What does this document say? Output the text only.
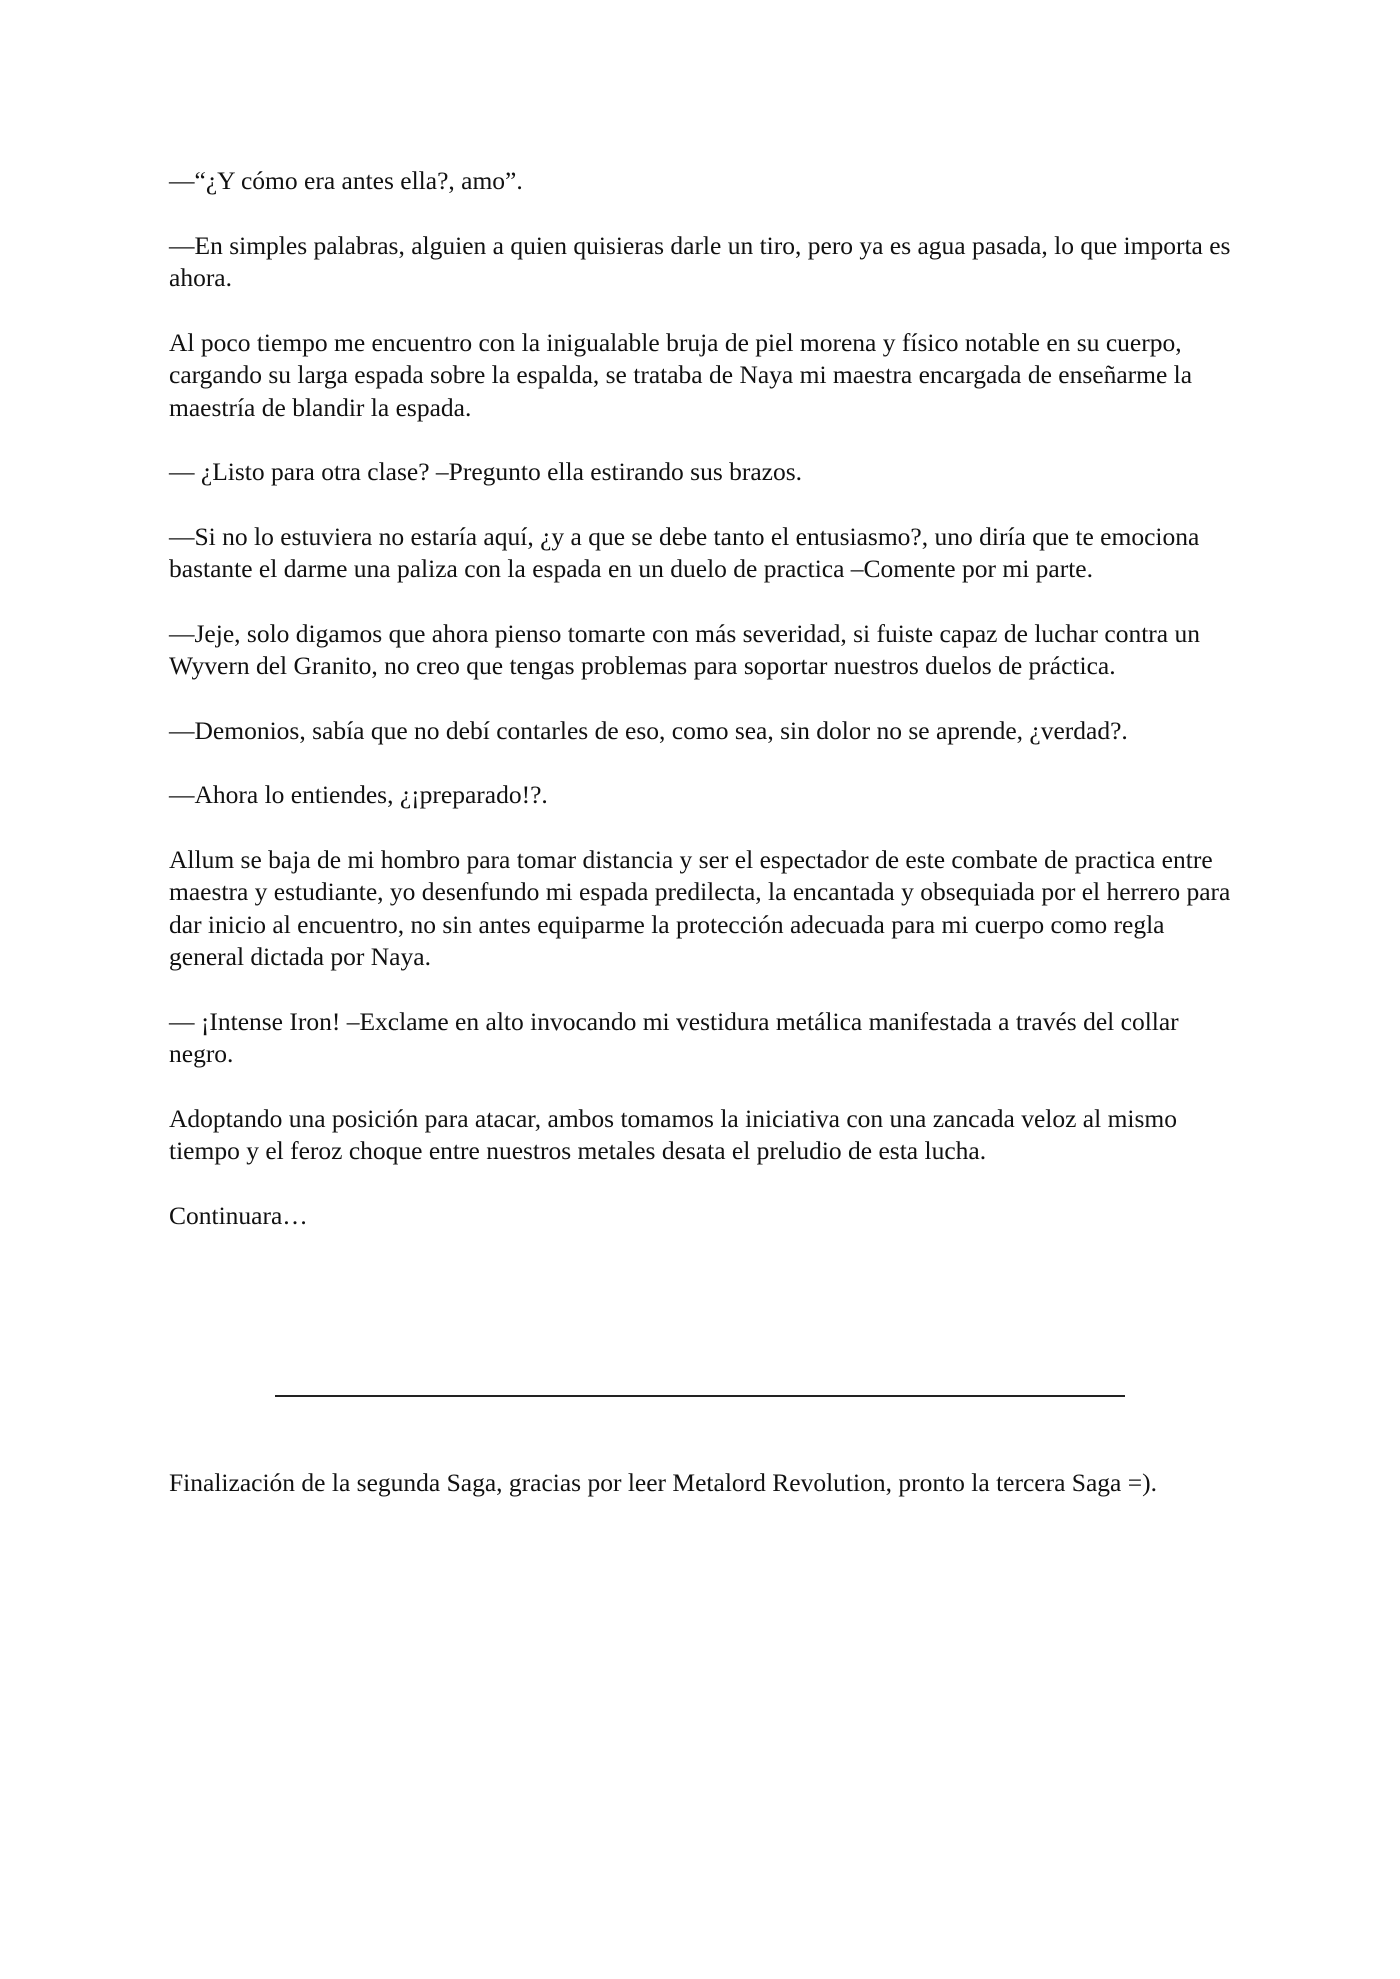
—“¿Y cómo era antes ella?, amo”.

—En simples palabras, alguien a quien quisieras darle un tiro, pero ya es agua pasada, lo que importa es ahora.

Al poco tiempo me encuentro con la inigualable bruja de piel morena y físico notable en su cuerpo, cargando su larga espada sobre la espalda, se trataba de Naya mi maestra encargada de enseñarme la maestría de blandir la espada.

— ¿Listo para otra clase? –Pregunto ella estirando sus brazos.

—Si no lo estuviera no estaría aquí, ¿y a que se debe tanto el entusiasmo?, uno diría que te emociona bastante el darme una paliza con la espada en un duelo de practica –Comente por mi parte.

—Jeje, solo digamos que ahora pienso tomarte con más severidad, si fuiste capaz de luchar contra un Wyvern del Granito, no creo que tengas problemas para soportar nuestros duelos de práctica.

—Demonios, sabía que no debí contarles de eso, como sea, sin dolor no se aprende, ¿verdad?.

—Ahora lo entiendes, ¿¡preparado!?.

Allum se baja de mi hombro para tomar distancia y ser el espectador de este combate de practica entre maestra y estudiante, yo desenfundo mi espada predilecta, la encantada y obsequiada por el herrero para dar inicio al encuentro, no sin antes equiparme la protección adecuada para mi cuerpo como regla general dictada por Naya.

— ¡Intense Iron! –Exclame en alto invocando mi vestidura metálica manifestada a través del collar negro.

Adoptando una posición para atacar, ambos tomamos la iniciativa con una zancada veloz al mismo tiempo y el feroz choque entre nuestros metales desata el preludio de esta lucha.

Continuara…

Finalización de la segunda Saga, gracias por leer Metalord Revolution, pronto la tercera Saga =).
